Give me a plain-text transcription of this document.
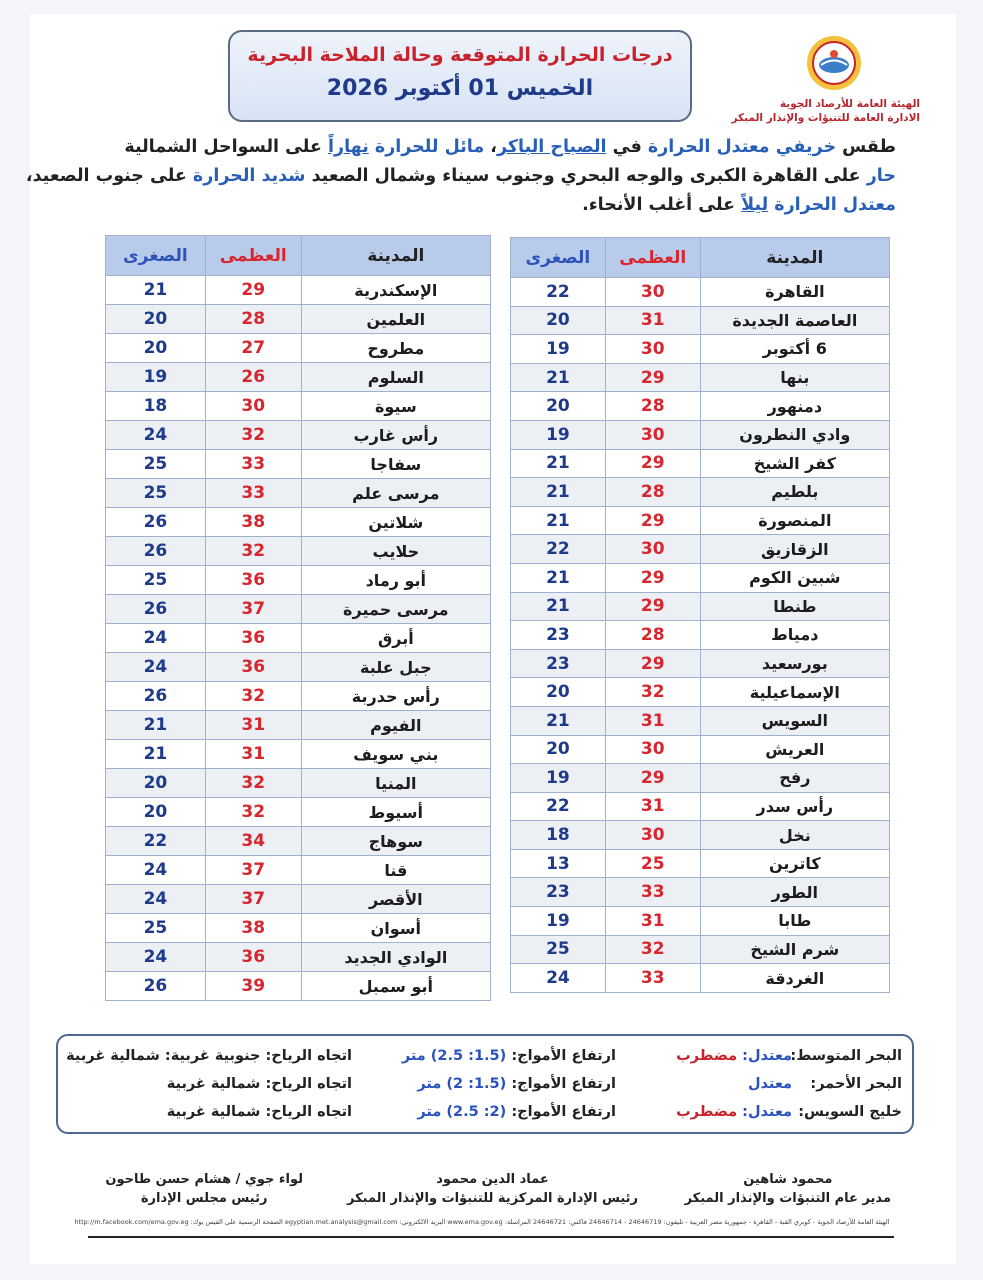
الهيئة العامة للأرصاد الجوية
الادارة العامة للتنبؤات والإنذار المبكر
درجات الحرارة المتوقعة وحالة الملاحة البحرية
الخميس 01 أكتوبر 2026
طقس خريفي معتدل الحرارة في الصباح الباكر، مائل للحرارة نهاراً على السواحل الشمالية
حار على القاهرة الكبرى والوجه البحري وجنوب سيناء وشمال الصعيد شديد الحرارة على جنوب الصعيد،
معتدل الحرارة ليلاً على أغلب الأنحاء.
المدينة	العظمى	الصغرى
القاهرة	30	22
العاصمة الجديدة	31	20
6 أكتوبر	30	19
بنها	29	21
دمنهور	28	20
وادي النطرون	30	19
كفر الشيخ	29	21
بلطيم	28	21
المنصورة	29	21
الزقازيق	30	22
شبين الكوم	29	21
طنطا	29	21
دمياط	28	23
بورسعيد	29	23
الإسماعيلية	32	20
السويس	31	21
العريش	30	20
رفح	29	19
رأس سدر	31	22
نخل	30	18
كاترين	25	13
الطور	33	23
طابا	31	19
شرم الشيخ	32	25
الغردقة	33	24
المدينة	العظمى	الصغرى
الإسكندرية	29	21
العلمين	28	20
مطروح	27	20
السلوم	26	19
سيوة	30	18
رأس غارب	32	24
سفاجا	33	25
مرسى علم	33	25
شلاتين	38	26
حلايب	32	26
أبو رماد	36	25
مرسى حميرة	37	26
أبرق	36	24
جبل علبة	36	24
رأس حدربة	32	26
الفيوم	31	21
بني سويف	31	21
المنيا	32	20
أسيوط	32	20
سوهاج	34	22
قنا	37	24
الأقصر	37	24
أسوان	38	25
الوادي الجديد	36	24
أبو سمبل	39	26
البحر المتوسط:
معتدل: مضطرب
ارتفاع الأمواج: (1.5: 2.5) متر
اتجاه الرياح: جنوبية غربية: شمالية غربية
البحر الأحمر:
معتدل
ارتفاع الأمواج: (1.5: 2) متر
اتجاه الرياح: شمالية غربية
خليج السويس:
معتدل: مضطرب
ارتفاع الأمواج: (2: 2.5) متر
اتجاه الرياح: شمالية غربية
محمود شاهين
مدير عام التنبؤات والإنذار المبكر
عماد الدين محمود
رئيس الإدارة المركزية للتنبؤات والإنذار المبكر
لواء جوي / هشام حسن طاحون
رئيس مجلس الإدارة
الهيئة العامة للأرصاد الجوية - كوبري القبة - القاهرة - جمهورية مصر العربية - تليفون: 24646719 - 24646714 فاكس: 24646721 المراسلة: www.ema.gov.eg البريد الالكتروني: egyptian.met.analysis@gmail.com الصفحة الرسمية على الفيس بوك: http://m.facebook.com/ema.gov.eg
